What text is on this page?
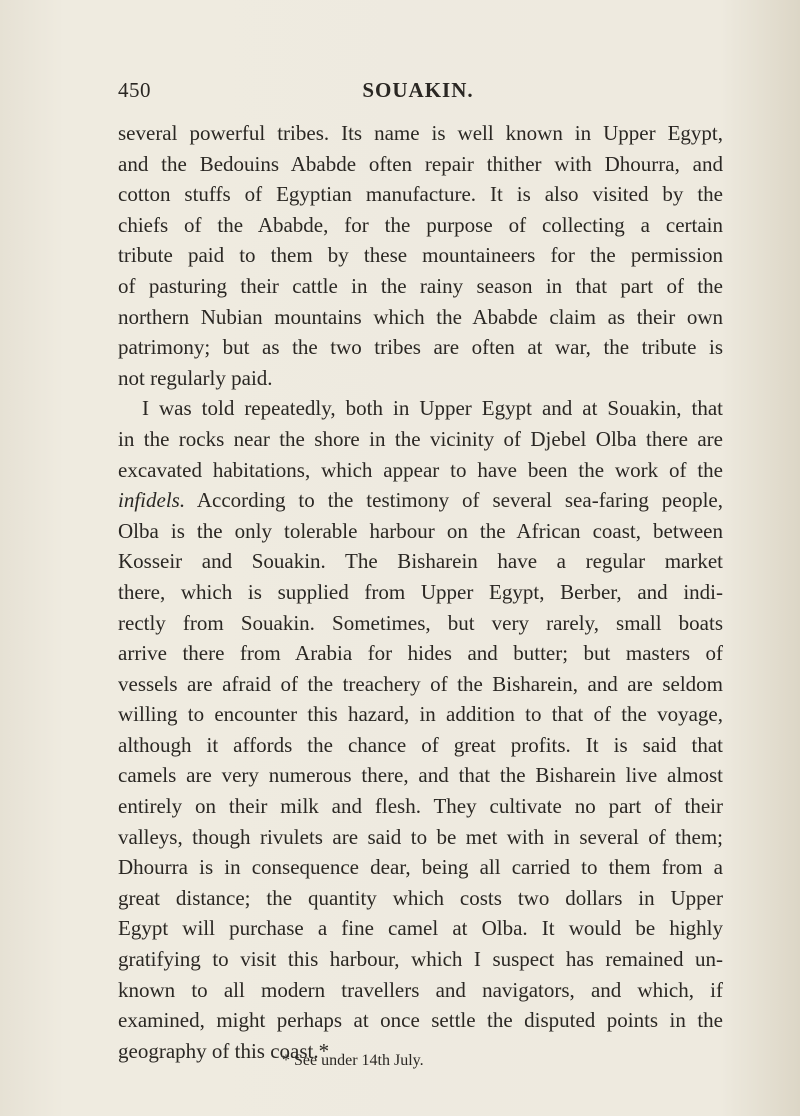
450	SOUAKIN.
several powerful tribes. Its name is well known in Upper Egypt,
and the Bedouins Ababde often repair thither with Dhourra, and
cotton stuffs of Egyptian manufacture. It is also visited by the
chiefs of the Ababde, for the purpose of collecting a certain
tribute paid to them by these mountaineers for the permission
of pasturing their cattle in the rainy season in that part of the
northern Nubian mountains which the Ababde claim as their own
patrimony; but as the two tribes are often at war, the tribute is
not regularly paid.
I was told repeatedly, both in Upper Egypt and at Souakin, that
in the rocks near the shore in the vicinity of Djebel Olba there are
excavated habitations, which appear to have been the work of the
infidels. According to the testimony of several sea-faring people,
Olba is the only tolerable harbour on the African coast, between
Kosseir and Souakin. The Bisharein have a regular market
there, which is supplied from Upper Egypt, Berber, and indi-
rectly from Souakin. Sometimes, but very rarely, small boats
arrive there from Arabia for hides and butter; but masters of
vessels are afraid of the treachery of the Bisharein, and are seldom
willing to encounter this hazard, in addition to that of the voyage,
although it affords the chance of great profits. It is said that
camels are very numerous there, and that the Bisharein live almost
entirely on their milk and flesh. They cultivate no part of their
valleys, though rivulets are said to be met with in several of them;
Dhourra is in consequence dear, being all carried to them from a
great distance; the quantity which costs two dollars in Upper
Egypt will purchase a fine camel at Olba. It would be highly
gratifying to visit this harbour, which I suspect has remained un-
known to all modern travellers and navigators, and which, if
examined, might perhaps at once settle the disputed points in the
geography of this coast.*
* See under 14th July.
